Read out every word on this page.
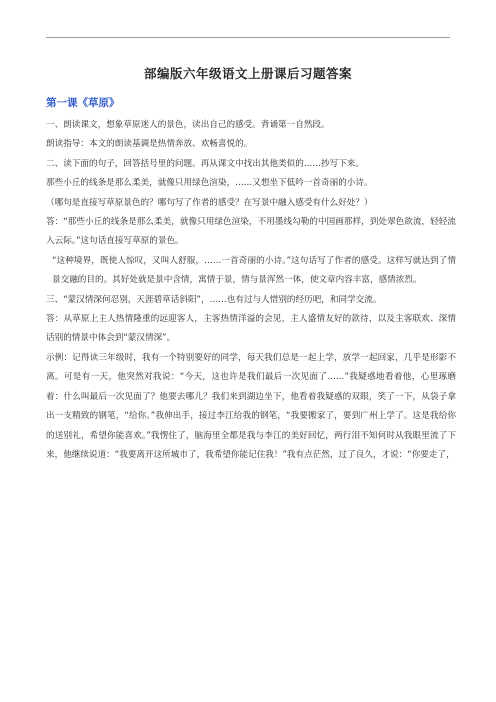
部编版六年级语文上册课后习题答案
第一课《草原》

一、朗读课文，想象草原迷人的景色，读出自己的感受。背诵第一自然段。

朗读指导：本文的朗读基调是热情奔放、欢畅喜悦的。

二、读下面的句子，回答括号里的问题。再从课文中找出其他类似的……抄写下来。

那些小丘的线条是那么柔美，就像只用绿色渲染，……又想坐下低吟一首奇丽的小诗。

（哪句是直接写草原景色的？哪句写了作者的感受？在写景中融入感受有什么好处？）

答：“那些小丘的线条是那么柔美，就像只用绿色渲染，不用墨线勾勒的中国画那样，到处翠色欲流，轻轻流入云际。”这句话直接写草原的景色。

“这种境界，既使人惊叹，又叫人舒服，……一首奇丽的小诗。”这句话写了作者的感受。这样写就达到了情景交融的目的。其好处就是景中含情，寓情于景，情与景浑然一体，使文章内容丰富，感情浓烈。

三、“蒙汉情深何忍别，天涯碧草话斜阳”，……也有过与人惜别的经历吧，和同学交流。

答：从草原上主人热情隆重的远迎客人，主客热情洋溢的会见，主人盛情友好的款待，以及主客联欢、深情话别的情景中体会到“蒙汉情深”。

示例：记得读三年级时，我有一个特别要好的同学，每天我们总是一起上学，放学一起回家，几乎是形影不离。可是有一天，他突然对我说：“今天，这也许是我们最后一次见面了……”我疑惑地看着他，心里琢磨着：什么叫最后一次见面了？他要去哪儿？我们来到湖边坐下，他看着我疑惑的双眼，笑了一下，从袋子拿出一支精致的钢笔，“给你。”我伸出手，接过李江给我的钢笔，“我要搬家了，要到广州上学了。这是我给你的送别礼，希望你能喜欢。”我愣住了，脑海里全都是我与李江的美好回忆，两行泪不知何时从我眼里流了下来，他继续说道：“我要离开这所城市了，我希望你能记住我！”我有点茫然，过了良久，才说：“你要走了，
